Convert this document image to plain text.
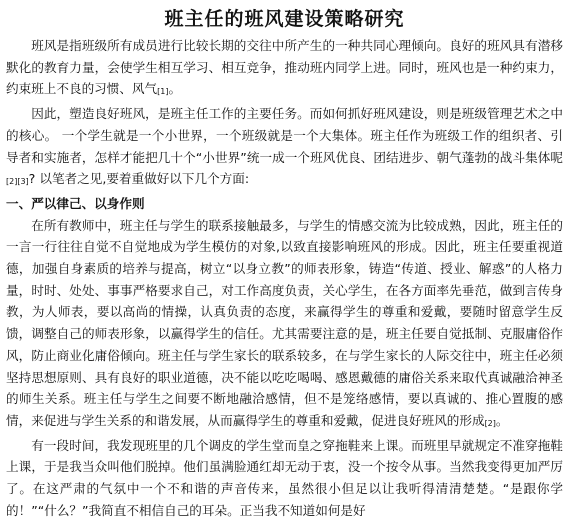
班主任的班风建设策略研究

班风是指班级所有成员进行比较长期的交往中所产生的一种共同心理倾向。良好的班风具有潜移默化的教育力量，会使学生相互学习、相互竞争，推动班内同学上进。同时，班风也是一种约束力，约束班上不良的习惯、风气[1]。

因此，塑造良好班风，是班主任工作的主要任务。而如何抓好班风建设，则是班级管理艺术之中的核心。 一个学生就是一个小世界，一个班级就是一个大集体。班主任作为班级工作的组织者、引导者和实施者，怎样才能把几十个“小世界”统一成一个班风优良、团结进步、朝气蓬勃的战斗集体呢[2][3]? 以笔者之见,要着重做好以下几个方面:

一、严以律己、以身作则

在所有教师中，班主任与学生的联系接触最多，与学生的情感交流为比较成熟，因此，班主任的一言一行往往自觉不自觉地成为学生模仿的对象,以致直接影响班风的形成。因此，班主任要重视道德，加强自身素质的培养与提高，树立“以身立教”的师表形象，铸造“传道、授业、解惑”的人格力量，时时、处处、事事严格要求自己，对工作高度负责，关心学生，在各方面率先垂范，做到言传身教，为人师表，要以高尚的情操，认真负责的态度，来赢得学生的尊重和爱戴，要随时留意学生反馈，调整自己的师表形象，以赢得学生的信任。尤其需要注意的是，班主任要自觉抵制、克服庸俗作风，防止商业化庸俗倾向。班主任与学生家长的联系较多，在与学生家长的人际交往中，班主任必须坚持思想原则、具有良好的职业道德，决不能以吃吃喝喝、感恩戴德的庸俗关系来取代真诚融洽神圣的师生关系。班主任与学生之间要不断地融洽感情，但不是笼络感情，要以真诚的、推心置腹的感情，来促进与学生关系的和谐发展，从而赢得学生的尊重和爱戴，促进良好班风的形成[2]。

有一段时间，我发现班里的几个调皮的学生堂而皇之穿拖鞋来上课。而班里早就规定不准穿拖鞋上课，于是我当众叫他们脱掉。他们虽满脸通红却无动于衷，没一个按令从事。当然我变得更加严厉了。在这严肃的气氛中一个不和谐的声音传来，虽然很小但足以让我听得清清楚楚。“是跟你学的！”“什么？”我简直不相信自己的耳朵。正当我不知道如何是好
